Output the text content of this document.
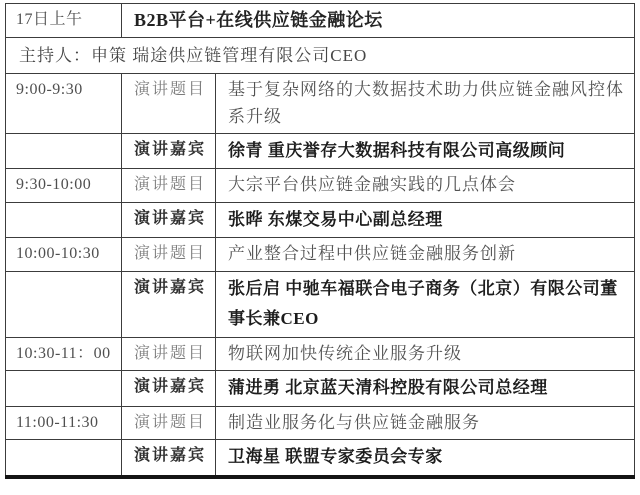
17日上午	B2B平台+在线供应链金融论坛	
主持人：申策 瑞途供应链管理有限公司CEO		
9:00-9:30	演讲题目	基于复杂网络的大数据技术助力供应链金融风控体系升级
	演讲嘉宾	徐青 重庆誉存大数据科技有限公司高级顾问
9:30-10:00	演讲题目	大宗平台供应链金融实践的几点体会
	演讲嘉宾	张晔 东煤交易中心副总经理
10:00-10:30	演讲题目	产业整合过程中供应链金融服务创新
	演讲嘉宾	张后启 中驰车福联合电子商务（北京）有限公司董事长兼CEO
10:30-11：00	演讲题目	物联网加快传统企业服务升级
	演讲嘉宾	蒲进勇 北京蓝天清科控股有限公司总经理
11:00-11:30	演讲题目	制造业服务化与供应链金融服务
	演讲嘉宾	卫海星 联盟专家委员会专家
